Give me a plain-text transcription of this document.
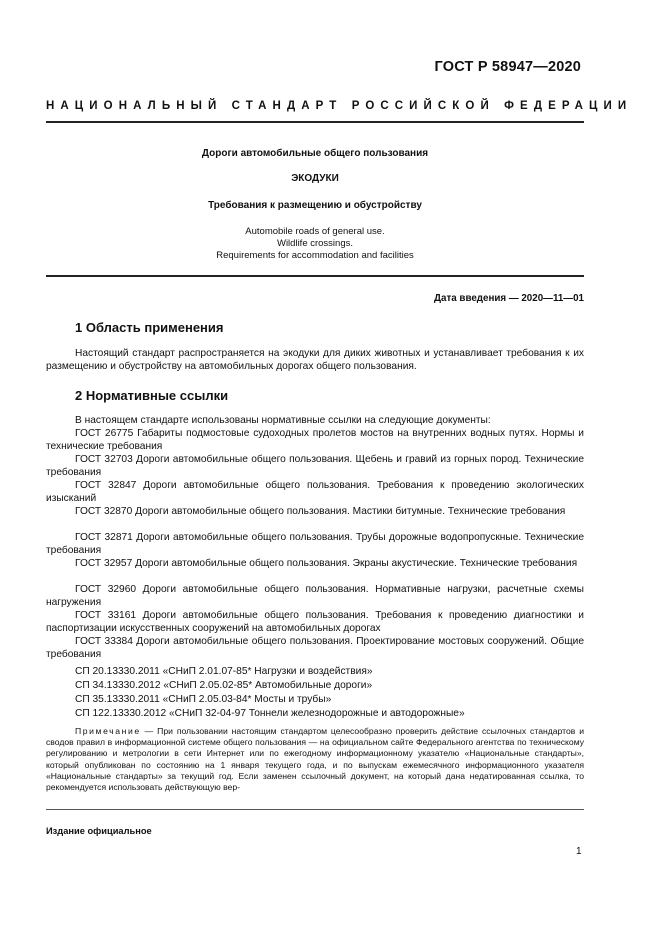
ГОСТ Р 58947—2020
НАЦИОНАЛЬНЫЙ СТАНДАРТ РОССИЙСКОЙ ФЕДЕРАЦИИ
Дороги автомобильные общего пользования
ЭКОДУКИ
Требования к размещению и обустройству
Automobile roads of general use.
Wildlife crossings.
Requirements for accommodation and facilities
Дата введения — 2020—11—01
1 Область применения
Настоящий стандарт распространяется на экодуки для диких животных и устанавливает требования к их размещению и обустройству на автомобильных дорогах общего пользования.
2 Нормативные ссылки
В настоящем стандарте использованы нормативные ссылки на следующие документы:
ГОСТ 26775 Габариты подмостовые судоходных пролетов мостов на внутренних водных путях. Нормы и технические требования
ГОСТ 32703 Дороги автомобильные общего пользования. Щебень и гравий из горных пород. Технические требования
ГОСТ 32847 Дороги автомобильные общего пользования. Требования к проведению экологических изысканий
ГОСТ 32870 Дороги автомобильные общего пользования. Мастики битумные. Технические требования
ГОСТ 32871 Дороги автомобильные общего пользования. Трубы дорожные водопропускные. Технические требования
ГОСТ 32957 Дороги автомобильные общего пользования. Экраны акустические. Технические требования
ГОСТ 32960 Дороги автомобильные общего пользования. Нормативные нагрузки, расчетные схемы нагружения
ГОСТ 33161 Дороги автомобильные общего пользования. Требования к проведению диагностики и паспортизации искусственных сооружений на автомобильных дорогах
ГОСТ 33384 Дороги автомобильные общего пользования. Проектирование мостовых сооружений. Общие требования
СП 20.13330.2011 «СНиП 2.01.07-85* Нагрузки и воздействия»
СП 34.13330.2012 «СНиП 2.05.02-85* Автомобильные дороги»
СП 35.13330.2011 «СНиП 2.05.03-84* Мосты и трубы»
СП 122.13330.2012 «СНиП 32-04-97 Тоннели железнодорожные и автодорожные»
Примечание — При пользовании настоящим стандартом целесообразно проверить действие ссылочных стандартов и сводов правил в информационной системе общего пользования — на официальном сайте Федерального агентства по техническому регулированию и метрологии в сети Интернет или по ежегодному информационному указателю «Национальные стандарты», который опубликован по состоянию на 1 января текущего года, и по выпускам ежемесячного информационного указателя «Национальные стандарты» за текущий год. Если заменен ссылочный документ, на который дана недатированная ссылка, то рекомендуется использовать действующую вер-
Издание официальное
1
